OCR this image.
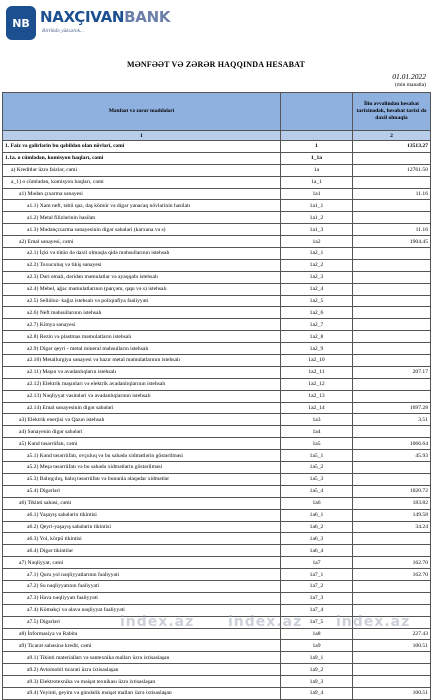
NB NAXÇIVANBANK
Birlikdə yüksəlok...
MƏNFƏƏT VƏ ZƏRƏR HAQQINDA HESABAT
01.01.2022
(min manatla)
Mənfəət və zərər maddələri		İlin əvvəlindən hesabat tarixinədək, hesabat tarixi də daxil olmaqla
1		2
1. Faiz və gəlirlərin bu qəbildən olan növləri, cəmi	1	13513.27
1.1a. o cümlədən, komisyon haqları, cəmi	1_1a	
a) Kreditlər üzrə faizlər, cəmi	1a	12761.50
a_1) o cümlədən, komisyon haqları, cəmi	1a_1	
a1) Mədən çıxarma sənayesi	1a1	11.16
a1.1) Xam neft, təbii qaz, daş kömür və digər yanacaq növlərinin hasilatı	1a1_1	
a1.2) Metal filizlərinin hasilatı	1a1_2	
a1.3) Mədənçıxarma sənayesinin digər sahələri (karxana və s)	1a1_3	11.16
a2) Emal sənayesi, cəmi	1a2	1904.45
a2.1) İçki və tütün də daxil olmaqla qida məhsullarının istehsalı	1a2_1	
a2.2) Toxuculuq və tikiş sənayesi	1a2_2	
a2.3) Dəri emalı, dəridən məmulatlar və ayaqqabı istehsalı	1a2_3	
a2.4) Mebel, ağac məmulatlarının (parçəm, qapı və s) istehsalı	1a2_4	
a2.5) Sellüloz- kağız istehsalı və poliqrafiya fəaliyyəti	1a2_5	
a2.6) Neft məhsullarının istehsalı	1a2_6	
a2.7) Kimya sənayesi	1a2_7	
a2.8) Rezin və plastmas məmulatların istehsalı	1a2_8	
a2.9) Digər qeyri - metal mineral məhsulların istehsalı	1a2_9	
a2.10) Metallurgiya sənayesi və hazır metal məmulatlarının istehsalı	1a2_10	
a2.11) Maşın və avadanlıqların istehsalı	1a2_11	207.17
a2.12) Elektrik maşınları və elektrik avadanlıqlarının istehsalı	1a2_12	
a2.13) Nəqliyyat vasitələri və avadanlıqlarının istehsalı	1a2_13	
a2.14) Emal sənayesinin digər sahələri	1a2_14	1697.28
a3) Elektrik enerjisi və Qazın istehsalı	1a3	3.51
a4) Sənayenin digər sahələri	1a4	
a5) Kənd təsərrüfatı, cəmi	1a5	1066.64
a5.1) Kənd təsərrüfatı, ovçuluq və bu sahədə xidmətlərin göstərilməsi	1a5_1	45.93
a5.2) Meşə təsərrüfatı və bu sahədə xidmətlərin göstərilməsi	1a5_2	
a5.3) Balıqçılıq, balıq təsərrüfatı və bununla əlaqədar xidmətlər	1a5_3	
a5.4) Digərləri	1a5_4	1020.72
a6) Tikinti sahəsi, cəmi	1a6	183.82
a6.1) Yaşayış sahələrin tikintisi	1a6_1	149.58
a6.2) Qeyri-yaşayış sahələrin tikintisi	1a6_2	34.24
a6.3) Yol, körpü tikintisi	1a6_3	
a6.4) Digər tikintilər	1a6_4	
a7) Nəqliyyat, cəmi	1a7	162.70
a7.1) Quru yol nəqliyyatlarının fəaliyyəti	1a7_1	162.70
a7.2) Su nəqliyyatının fəaliyyəti	1a7_2	
a7.3) Hava nəqliyyatı fəaliyyəti	1a7_3	
a7.4) Köməkçi və əlavə nəqliyyat fəaliyyəti	1a7_4	
a7.5) Digərləri	1a7_5	
a8) İnformasiya və Rabitə	1a8	227.43
a9) Ticarət sahəsinə kredit, cəmi	1a9	100.51
a9.1) Tikinti materialları və santexnika malları üzrə ixtisaslaşan	1a9_1	
a9.2) Avtomobil ticarəti üzrə ixtisaslaşan	1a9_2	
a9.3) Elektrotexnika və məişət texnikası üzrə ixtisaslaşan	1a9_3	
a9.4) Yeyinti, geyim və gündəlik məişət malları üzrə ixtisaslaşan	1a9_4	100.51
index.az index.az index.az
